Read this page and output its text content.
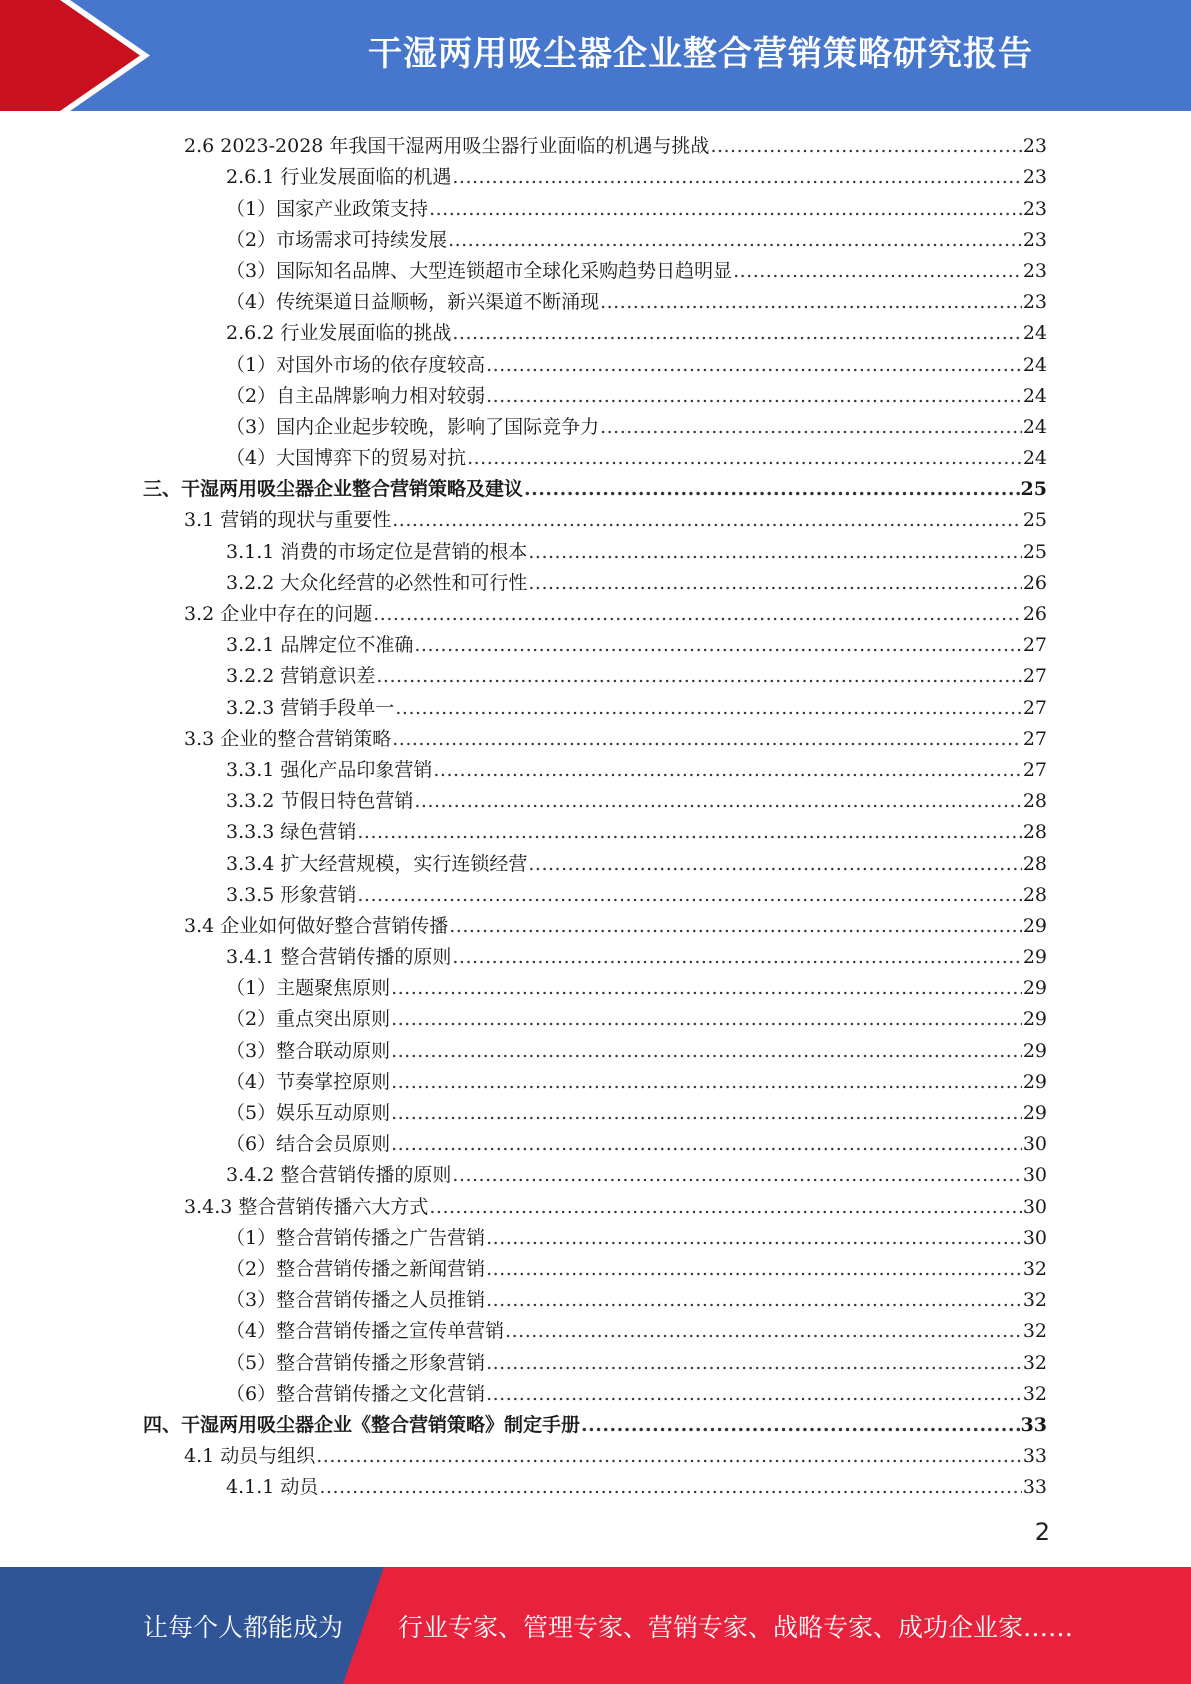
干湿两用吸尘器企业整合营销策略研究报告
2.6 2023-2028 年我国干湿两用吸尘器行业面临的机遇与挑战 .....	23
2.6.1 行业发展面临的机遇 .....	23
（1）国家产业政策支持 .....	23
（2）市场需求可持续发展 .....	23
（3）国际知名品牌、大型连锁超市全球化采购趋势日趋明显 .....	23
（4）传统渠道日益顺畅，新兴渠道不断涌现 .....	23
2.6.2 行业发展面临的挑战 .....	24
（1）对国外市场的依存度较高 .....	24
（2）自主品牌影响力相对较弱 .....	24
（3）国内企业起步较晚，影响了国际竞争力 .....	24
（4）大国博弈下的贸易对抗 .....	24
三、干湿两用吸尘器企业整合营销策略及建议 .....	25
3.1 营销的现状与重要性 .....	25
3.1.1 消费的市场定位是营销的根本 .....	25
3.2.2 大众化经营的必然性和可行性 .....	26
3.2 企业中存在的问题 .....	26
3.2.1 品牌定位不准确 .....	27
3.2.2 营销意识差 .....	27
3.2.3 营销手段单一 .....	27
3.3 企业的整合营销策略 .....	27
3.3.1 强化产品印象营销 .....	27
3.3.2 节假日特色营销 .....	28
3.3.3 绿色营销 .....	28
3.3.4 扩大经营规模，实行连锁经营 .....	28
3.3.5 形象营销 .....	28
3.4 企业如何做好整合营销传播 .....	29
3.4.1 整合营销传播的原则 .....	29
（1）主题聚焦原则 .....	29
（2）重点突出原则 .....	29
（3）整合联动原则 .....	29
（4）节奏掌控原则 .....	29
（5）娱乐互动原则 .....	29
（6）结合会员原则 .....	30
3.4.2 整合营销传播的原则 .....	30
3.4.3 整合营销传播六大方式 .....	30
（1）整合营销传播之广告营销 .....	30
（2）整合营销传播之新闻营销 .....	32
（3）整合营销传播之人员推销 .....	32
（4）整合营销传播之宣传单营销 .....	32
（5）整合营销传播之形象营销 .....	32
（6）整合营销传播之文化营销 .....	32
四、干湿两用吸尘器企业《整合营销策略》制定手册 .....	33
4.1 动员与组织 .....	33
4.1.1 动员 .....	33
2
让每个人都能成为 行业专家、管理专家、营销专家、战略专家、成功企业家……
